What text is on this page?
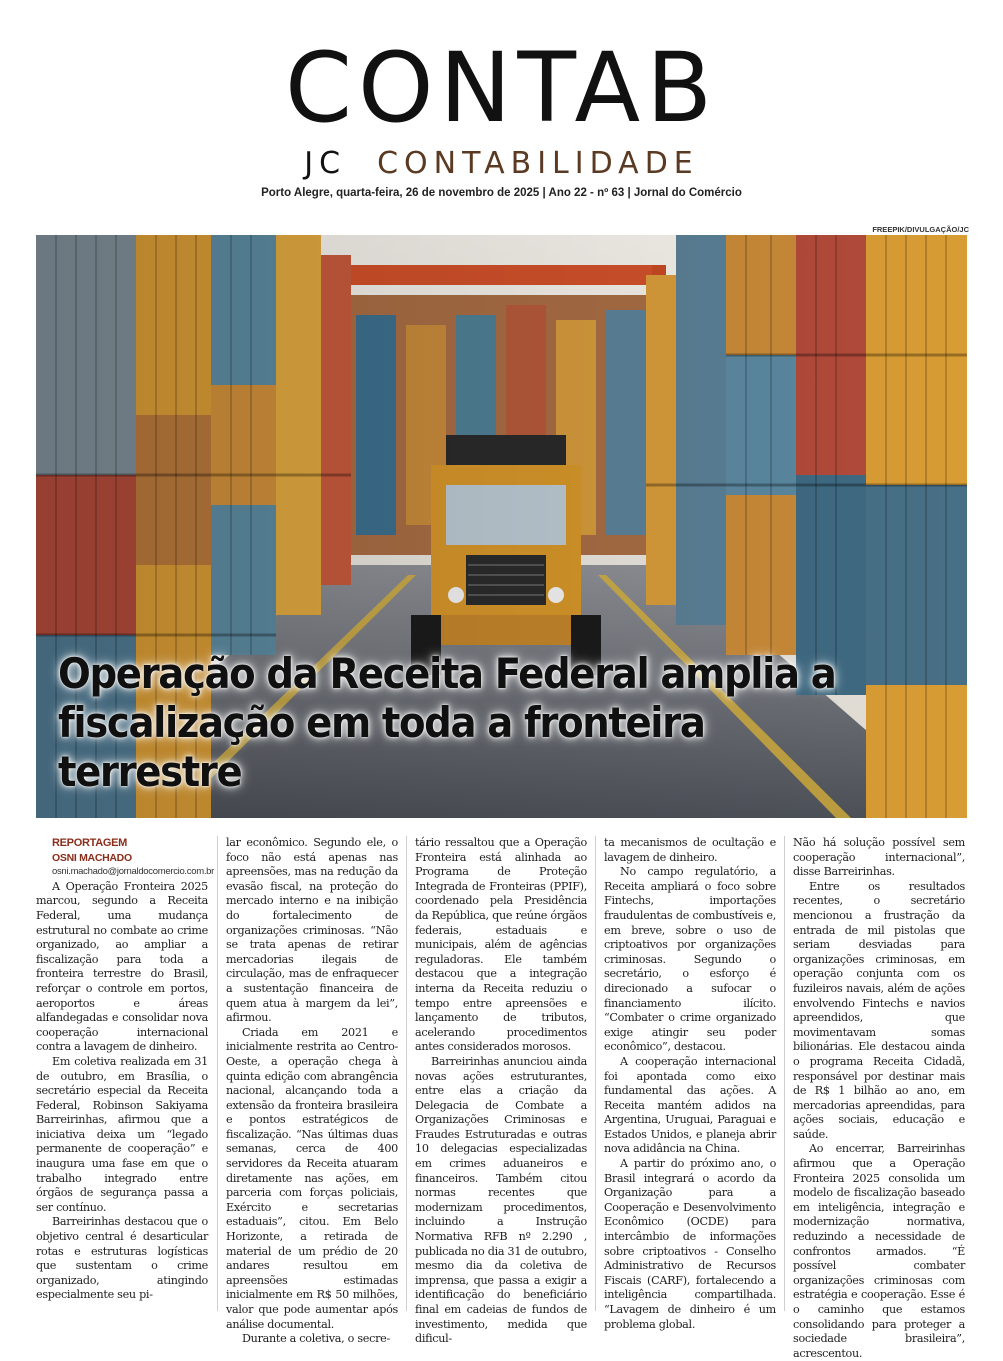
CONTAB
JC CONTABILIDADE
Porto Alegre, quarta-feira, 26 de novembro de 2025 | Ano 22 - nº 63 | Jornal do Comércio
FREEPIK/DIVULGAÇÃO/JC
Operação da Receita Federal amplia a fiscalização em toda a fronteira terrestre

REPORTAGEM

OSNI MACHADO

osni.machado@jornaldocomercio.com.br

A Operação Fronteira 2025 marcou, segundo a Receita Federal, uma mudança estrutural no combate ao crime organizado, ao ampliar a fiscalização para toda a fronteira terrestre do Brasil, reforçar o controle em portos, aeroportos e áreas alfandegadas e consolidar nova cooperação internacional contra a lavagem de dinheiro.

Em coletiva realizada em 31 de outubro, em Brasília, o secretário especial da Receita Federal, Robinson Sakiyama Barreirinhas, afirmou que a iniciativa deixa um “legado permanente de cooperação” e inaugura uma fase em que o trabalho integrado entre órgãos de segurança passa a ser contínuo.

Barreirinhas destacou que o objetivo central é desarticular rotas e estruturas logísticas que sustentam o crime organizado, atingindo especialmente seu pi-

lar econômico. Segundo ele, o foco não está apenas nas apreensões, mas na redução da evasão fiscal, na proteção do mercado interno e na inibição do fortalecimento de organizações criminosas. “Não se trata apenas de retirar mercadorias ilegais de circulação, mas de enfraquecer a sustentação financeira de quem atua à margem da lei”, afirmou.

Criada em 2021 e inicialmente restrita ao Centro-Oeste, a operação chega à quinta edição com abrangência nacional, alcançando toda a extensão da fronteira brasileira e pontos estratégicos de fiscalização. “Nas últimas duas semanas, cerca de 400 servidores da Receita atuaram diretamente nas ações, em parceria com forças policiais, Exército e secretarias estaduais”, citou. Em Belo Horizonte, a retirada de material de um prédio de 20 andares resultou em apreensões estimadas inicialmente em R$ 50 milhões, valor que pode aumentar após análise documental.

Durante a coletiva, o secre-

tário ressaltou que a Operação Fronteira está alinhada ao Programa de Proteção Integrada de Fronteiras (PPIF), coordenado pela Presidência da República, que reúne órgãos federais, estaduais e municipais, além de agências reguladoras. Ele também destacou que a integração interna da Receita reduziu o tempo entre apreensões e lançamento de tributos, acelerando procedimentos antes considerados morosos.

Barreirinhas anunciou ainda novas ações estruturantes, entre elas a criação da Delegacia de Combate a Organizações Criminosas e Fraudes Estruturadas e outras 10 delegacias especializadas em crimes aduaneiros e financeiros. Também citou normas recentes que modernizam procedimentos, incluindo a Instrução Normativa RFB nº 2.290 , publicada no dia 31 de outubro, mesmo dia da coletiva de imprensa, que passa a exigir a identificação do beneficiário final em cadeias de fundos de investimento, medida que dificul-

ta mecanismos de ocultação e lavagem de dinheiro.

No campo regulatório, a Receita ampliará o foco sobre Fintechs, importações fraudulentas de combustíveis e, em breve, sobre o uso de criptoativos por organizações criminosas. Segundo o secretário, o esforço é direcionado a sufocar o financiamento ilícito. “Combater o crime organizado exige atingir seu poder econômico”, destacou.

A cooperação internacional foi apontada como eixo fundamental das ações. A Receita mantém adidos na Argentina, Uruguai, Paraguai e Estados Unidos, e planeja abrir nova adidância na China.

A partir do próximo ano, o Brasil integrará o acordo da Organização para a Cooperação e Desenvolvimento Econômico (OCDE) para intercâmbio de informações sobre criptoativos - Conselho Administrativo de Recursos Fiscais (CARF), fortalecendo a inteligência compartilhada. “Lavagem de dinheiro é um problema global.

Não há solução possível sem cooperação internacional”, disse Barreirinhas.

Entre os resultados recentes, o secretário mencionou a frustração da entrada de mil pistolas que seriam desviadas para organizações criminosas, em operação conjunta com os fuzileiros navais, além de ações envolvendo Fintechs e navios apreendidos, que movimentavam somas bilionárias. Ele destacou ainda o programa Receita Cidadã, responsável por destinar mais de R$ 1 bilhão ao ano, em mercadorias apreendidas, para ações sociais, educação e saúde.

Ao encerrar, Barreirinhas afirmou que a Operação Fronteira 2025 consolida um modelo de fiscalização baseado em inteligência, integração e modernização normativa, reduzindo a necessidade de confrontos armados. “É possível combater organizações criminosas com estratégia e cooperação. Esse é o caminho que estamos consolidando para proteger a sociedade brasileira”, acrescentou.
